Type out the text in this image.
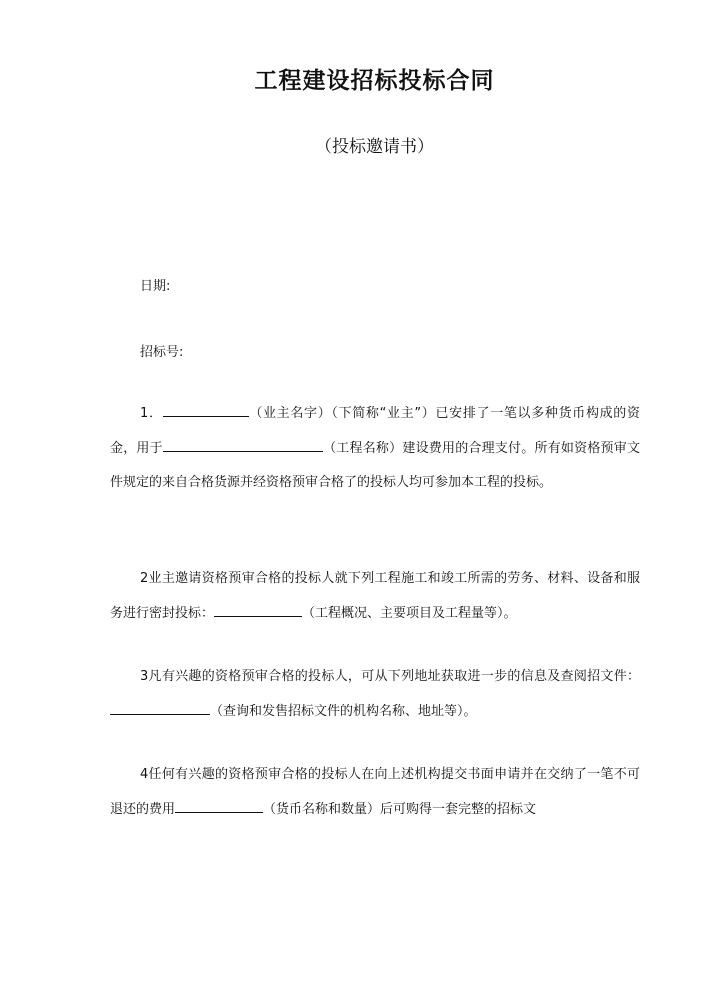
工程建设招标投标合同
（投标邀请书）
日期:
招标号:

1．	（业主名字）（下简称“业主”）已安排了一笔以多种货币构成的资金，用于	（工程名称）建设费用的合理支付。所有如资格预审文件规定的来自合格货源并经资格预审合格了的投标人均可参加本工程的投标。

2业主邀请资格预审合格的投标人就下列工程施工和竣工所需的劳务、材料、设备和服务进行密封投标：	（工程概况、主要项目及工程量等）。

3凡有兴趣的资格预审合格的投标人，可从下列地址获取进一步的信息及查阅招文件：（查询和发售招标文件的机构名称、地址等）。

4任何有兴趣的资格预审合格的投标人在向上述机构提交书面申请并在交纳了一笔不可退还的费用	（货币名称和数量）后可购得一套完整的招标文
